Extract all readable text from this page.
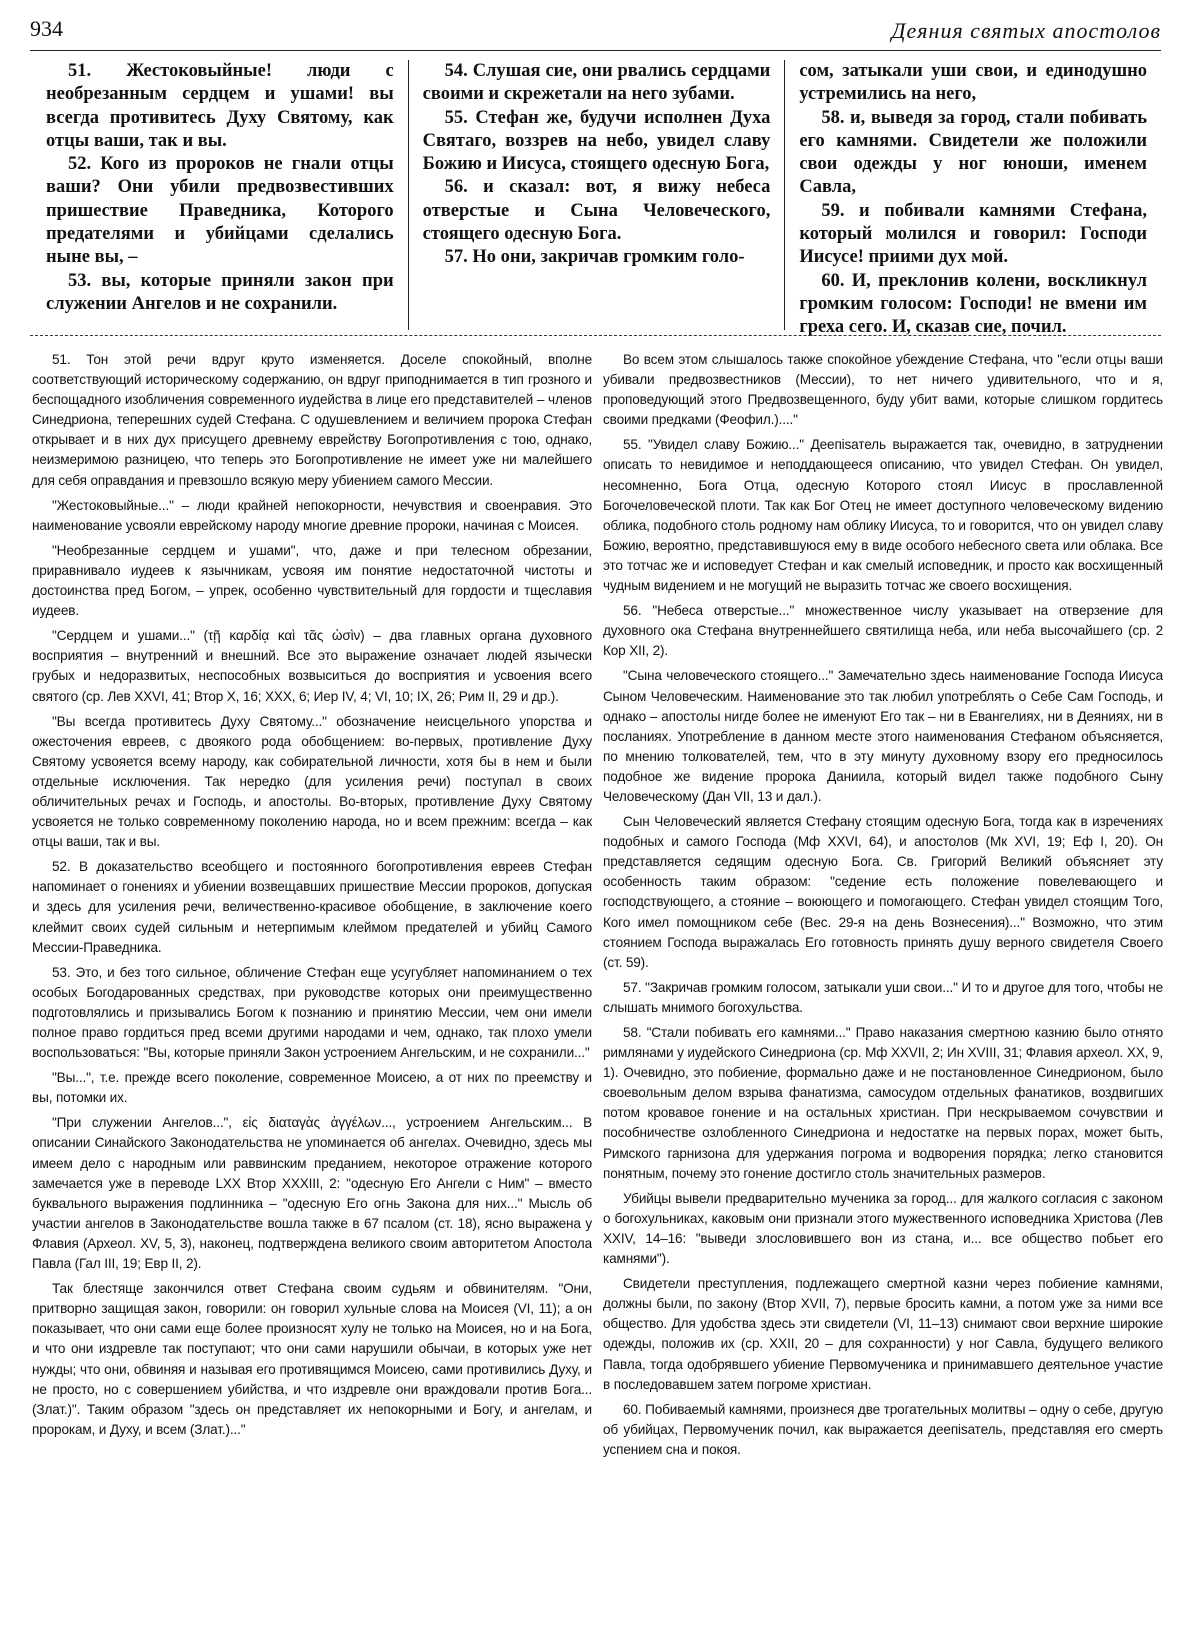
934	Деяния святых апостолов

51. Жестоковыйные! люди с необрезанным сердцем и ушами! вы всегда противитесь Духу Святому, как отцы ваши, так и вы.

52. Кого из пророков не гнали отцы ваши? Они убили предвозвестивших пришествие Праведника, Которого предателями и убийцами сделались ныне вы, –

53. вы, которые приняли закон при служении Ангелов и не сохранили.

54. Слушая сие, они рвались сердцами своими и скрежетали на него зубами.

55. Стефан же, будучи исполнен Духа Святаго, воззрев на небо, увидел славу Божию и Иисуса, стоящего одесную Бога,

56. и сказал: вот, я вижу небеса отверстые и Сына Человеческого, стоящего одесную Бога.

57. Но они, закричав громким голо-

сом, затыкали уши свои, и единодушно устремились на него,

58. и, выведя за город, стали побивать его камнями. Свидетели же положили свои одежды у ног юноши, именем Савла,

59. и побивали камнями Стефана, который молился и говорил: Господи Иисусе! приими дух мой.

60. И, преклонив колени, воскликнул громким голосом: Господи! не вмени им греха сего. И, сказав сие, почил.

51. Тон этой речи вдруг круто изменяется. Доселе спокойный, вполне соответствующий историческому содержанию, он вдруг приподнимается в тип грозного и беспощадного изобличения современного иудейства в лице его представителей – членов Синедриона, теперешних судей Стефана. С одушевлением и величием пророка Стефан открывает и в них дух присущего древнему еврейству Богопротивления с тою, однако, неизмеримою разницею, что теперь это Богопротивление не имеет уже ни малейшего для себя оправдания и превзошло всякую меру убиением самого Мессии.

"Жестоковыйные..." – люди крайней непокорности, нечувствия и своенравия. Это наименование усвояли еврейскому народу многие древние пророки, начиная с Моисея.

"Необрезанные сердцем и ушами", что, даже и при телесном обрезании, приравнивало иудеев к язычникам, усвояя им понятие недостаточной чистоты и достоинства пред Богом, – упрек, особенно чувствительный для гордости и тщеславия иудеев.

"Сердцем и ушами..." (τῇ καρδίᾳ καὶ τᾶς ὠσὶν) – два главных органа духовного восприятия – внутренний и внешний. Все это выражение означает людей язычески грубых и недоразвитых, неспособных возвыситься до восприятия и усвоения всего святого (ср. Лев XXVI, 41; Втор X, 16; XXX, 6; Иер IV, 4; VI, 10; IX, 26; Рим II, 29 и др.).

"Вы всегда противитесь Духу Святому..." обозначение неисцельного упорства и ожесточения евреев, с двоякого рода обобщением: во-первых, противление Духу Святому усвояется всему народу, как собирательной личности, хотя бы в нем и были отдельные исключения. Так нередко (для усиления речи) поступал в своих обличительных речах и Господь, и апостолы. Во-вторых, противление Духу Святому усвояется не только современному поколению народа, но и всем прежним: всегда – как отцы ваши, так и вы.

52. В доказательство всеобщего и постоянного богопротивления евреев Стефан напоминает о гонениях и убиении возвещавших пришествие Мессии пророков, допуская и здесь для усиления речи, величественно-красивое обобщение, в заключение коего клеймит своих судей сильным и нетерпимым клеймом предателей и убийц Самого Мессии-Праведника.

53. Это, и без того сильное, обличение Стефан еще усугубляет напоминанием о тех особых Богодарованных средствах, при руководстве которых они преимущественно подготовлялись и призывались Богом к познанию и принятию Мессии, чем они имели полное право гордиться пред всеми другими народами и чем, однако, так плохо умели воспользоваться: "Вы, которые приняли Закон устроением Ангельским, и не сохранили..."

"Вы...", т.е. прежде всего поколение, современное Моисею, а от них по преемству и вы, потомки их.

"При служении Ангелов...", εἰς διαταγὰς ἀγγέλων..., устроением Ангельским... В описании Синайского Законодательства не упоминается об ангелах. Очевидно, здесь мы имеем дело с народным или раввинским преданием, некоторое отражение которого замечается уже в переводе LXX Втор XXXIII, 2: "одесную Его Ангели с Ним" – вместо буквального выражения подлинника – "одесную Его огнь Закона для них..." Мысль об участии ангелов в Законодательстве вошла также в 67 псалом (ст. 18), ясно выражена у Флавия (Археол. XV, 5, 3), наконец, подтверждена великого своим авторитетом Апостола Павла (Гал III, 19; Евр II, 2).

Так блестяще закончился ответ Стефана своим судьям и обвинителям. "Они, притворно защищая закон, говорили: он говорил хульные слова на Моисея (VI, 11); а он показывает, что они сами еще более произносят хулу не только на Моисея, но и на Бога, и что они издревле так поступают; что они сами нарушили обычаи, в которых уже нет нужды; что они, обвиняя и называя его противящимся Моисею, сами противились Духу, и не просто, но с совершением убийства, и что издревле они враждовали против Бога... (Злат.)". Таким образом "здесь он представляет их непокорными и Богу, и ангелам, и пророкам, и Духу, и всем (Злат.)..."

Во всем этом слышалось также спокойное убеждение Стефана, что "если отцы ваши убивали предвозвестников (Мессии), то нет ничего удивительного, что и я, проповедующий этого Предвозвещенного, буду убит вами, которые слишком гордитесь своими предками (Феофил.)...."

55. "Увидел славу Божию..." Деепisатель выражается так, очевидно, в затруднении описать то невидимое и неподдающееся описанию, что увидел Стефан. Он увидел, несомненно, Бога Отца, одесную Которого стоял Иисус в прославленной Богочеловеческой плоти. Так как Бог Отец не имеет доступного человеческому видению облика, подобного столь родному нам облику Иисуса, то и говорится, что он увидел славу Божию, вероятно, представившуюся ему в виде особого небесного света или облака. Все это тотчас же и исповедует Стефан и как смелый исповедник, и просто как восхищенный чудным видением и не могущий не выразить тотчас же своего восхищения.

56. "Небеса отверстые..." множественное числу указывает на отверзение для духовного ока Стефана внутреннейшего святилища неба, или неба высочайшего (ср. 2 Кор XII, 2).

"Сына человеческого стоящего..." Замечательно здесь наименование Господа Иисуса Сыном Человеческим. Наименование это так любил употреблять о Себе Сам Господь, и однако – апостолы нигде более не именуют Его так – ни в Евангелиях, ни в Деяниях, ни в посланиях. Употребление в данном месте этого наименования Стефаном объясняется, по мнению толкователей, тем, что в эту минуту духовному взору его предносилось подобное же видение пророка Даниила, который видел также подобного Сыну Человеческому (Дан VII, 13 и дал.).

Сын Человеческий является Стефану стоящим одесную Бога, тогда как в изречениях подобных и самого Господа (Мф XXVI, 64), и апостолов (Мк XVI, 19; Еф I, 20). Он представляется седящим одесную Бога. Св. Григорий Великий объясняет эту особенность таким образом: "седение есть положение повелевающего и господствующего, а стояние – воюющего и помогающего. Стефан увидел стоящим Того, Кого имел помощником себе (Вес. 29-я на день Вознесения)..." Возможно, что этим стоянием Господа выражалась Его готовность принять душу верного свидетеля Своего (ст. 59).

57. "Закричав громким голосом, затыкали уши свои..." И то и другое для того, чтобы не слышать мнимого богохульства.

58. "Стали побивать его камнями..." Право наказания смертною казнию было отнято римлянами у иудейского Синедриона (ср. Мф XXVII, 2; Ин XVIII, 31; Флавия археол. XX, 9, 1). Очевидно, это побиение, формально даже и не постановленное Синедрионом, было своевольным делом взрыва фанатизма, самосудом отдельных фанатиков, воздвигших потом кровавое гонение и на остальных христиан. При нескрываемом сочувствии и пособничестве озлобленного Синедриона и недостатке на первых порах, может быть, Римского гарнизона для удержания погрома и водворения порядка; легко становится понятным, почему это гонение достигло столь значительных размеров.

Убийцы вывели предварительно мученика за город... для жалкого согласия с законом о богохульниках, каковым они признали этого мужественного исповедника Христова (Лев XXIV, 14–16: "выведи злословившего вон из стана, и... все общество побьет его камнями").

Свидетели преступления, подлежащего смертной казни через побиение камнями, должны были, по закону (Втор XVII, 7), первые бросить камни, а потом уже за ними все общество. Для удобства здесь эти свидетели (VI, 11–13) снимают свои верхние широкие одежды, положив их (ср. XXII, 20 – для сохранности) у ног Савла, будущего великого Павла, тогда одобрявшего убиение Первомученика и принимавшего деятельное участие в последовавшем затем погроме христиан.

60. Побиваемый камнями, произнеся две трогательных молитвы – одну о себе, другую об убийцах, Первомученик почил, как выражается деепisатель, представляя его смерть успением сна и покоя.
